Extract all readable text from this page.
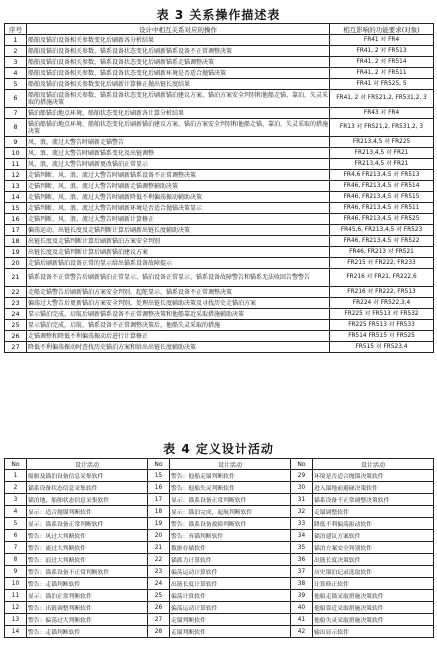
表 3 关系操作描述表
序号	设计中相互关系对应的操作	相互影响的功能要求(对象)
1	船舶及锚泊设备相关参数变化后刷新各分析结果	FR41 对 FR4
2	船舶及锚泊设备相关参数、锚系设备状态变化后刷新锚系设备不正常调整决策	FR41, 2 对 FR513
3	船舶及锚泊设备相关参数、锚系设备状态变化后刷新锚系走锚调整决策	FR41, 2 对 FR514
4	船舶及锚泊设备相关参数、锚系设备状态变化后刷新环境是否适合抛锚决策	FR41, 2 对 FR511
5	船舶及锚泊设备相关参数变化后刷新计算修正抛出链长度结果	FR41 对 FR525, 5
6	船舶及锚泊设备相关参数、锚系设备状态变化后刷新锚泊建议方案、锚泊方案安全判别和他船走锚、靠泊、失灵采取的措施决策	FR41, 2 对 FR521,2, FR531,2, 3
7	锚泊船锚泊地点环境、船舶状态变化后刷新各计算分析结果	FR43 对 FR4
8	锚泊船锚泊地点环境、船舶状态变化后刷新锚泊建议方案、锚泊方案安全判别和他船走锚、靠泊、失灵采取的措施决策	FR13 对 FR521,2, FR531,2, 3
9	风、浪、流过大警告时刷新走锚警告	FR213,4,5 对 FR225
10	风、浪、流过大警告时刷新锚系变化及出链调整	FR213,4,5 对 FR21
11	风、浪、流过大警告时刷新更改锚泊正常显示	FR213,4,5 对 FR21
12	走锚判断、风、浪、流过大警告时刷新锚系设备不正常调整决策	FR4,6 FR213,4,5 对 FR513
13	走锚判断、风、浪、流过大警告时刷新走锚调整辅助决策	FR46, FR213,4,5 对 FR514
14	走锚判断、风、浪、流过大警告时刷新降低不利偏荡振动辅助决策	FR46, FR213,4,5 对 FR515
15	走锚判断、风、浪、流过大警告时刷新环境是否适合抛锚决策显示	FR46, FR213,4,5 对 FR511
16	走锚判断、风、浪、流过大警告时刷新计算修正	FR46, FR213,4,5 对 FR525
17	偏荡运动、出链长度及走锚判断计算后刷新出链长度辅助决策	FR45,6, FR213,4,5 对 FR523
18	出链长度及走锚判断计算后刷新锚泊方案安全判别	FR46, FR213,4,5 对 FR522
19	出链长度及走锚判断计算后刷新锚泊建议方案	FR46, FR213 对 FR521
20	走锚后刷新锚泊设备正常的显示给出锚系设备故障提示	FR215 对 FR222, FR233
21	锚系设备不正常警告后刷新锚泊正常显示、锚泊设备正常显示、锚系设备故障警告和锚系无法收回告警警告	FR216 对 FR21, FR222,6
22	走船走锚警告后刷新锚泊方案安全判别，起舵显示、锚系设备不正常调整决策	FR216 对 FR222, FR513
23	偏荡过大警告后更新锚泊方案安全判别，处理出链长度辅助决策及寻找历史走锚泊方案	FR224 对 FR522,3,4
24	显示锚泊完成，启航后刷新锚系设备不正常调整决策和他船靠近采取措施辅助决策	FR225 对 FR513 对 FR532
25	显示锚泊完成，启航、锚系设备不正常调整决策后，他船失灵采取的措施	FR225 FR513 对 FR533
26	走锚调整和降低不利偏荡振动后进行计算修正	FR514 FR515 对 FR525
27	降低不利偏荡振动时查找历史锚泊方案和给出出链长度辅助决策	FR515 对 FR523,4
表 4 定义设计活动
No	设计活动	No	设计活动	No	设计活动
1	船舶及锚泊设备信息采集软件	15	警告：他船走锚判断软件	29	环境是否适合抛锚决策软件
2	锚系设备状态信息采集软件	16	警告：他船失灵判断软件	30	进入锚地前避碰决策软件
3	锚泊地、船舶状态信息采集软件	17	显示：锚系设备正常判断软件	31	锚系设备不正常调整决策软件
4	显示：适合抛锚判断软件	18	显示：锚泊完成，起航判断软件	32	走锚调整软件
5	显示：锚系设备正常判断软件	19	警告：锚系设备故障判断软件	33	降低不利偏荡振动软件
6	警告：风过大判断软件	20	警告：弃锚判断软件	34	锚泊建议方案软件
7	警告：流过大判断软件	21	数据存储软件	35	锚泊方案安全判别软件
8	警告：浪过大判断软件	22	锚抓力计算软件	36	出链长度决策软件
9	警告：锚系设备不正常判断软件	23	偏荡运动计算软件	37	历史锚泊记录选取软件
10	警告：走锚判断软件	24	出链长度计算软件	38	计算修正软件
11	显示：锚泊正常判断软件	25	偏荡计算软件	39	他船走锚采取措施决策软件
12	警告：出链调整判断软件	26	偏荡运动计算软件	40	他船靠近采取措施决策软件
13	警告：偏荡过大判断软件	27	走锚判断软件	41	他船失灵采取措施决策软件
14	警告：走锚判断软件	28	走锚判断软件	42	输出显示软件
